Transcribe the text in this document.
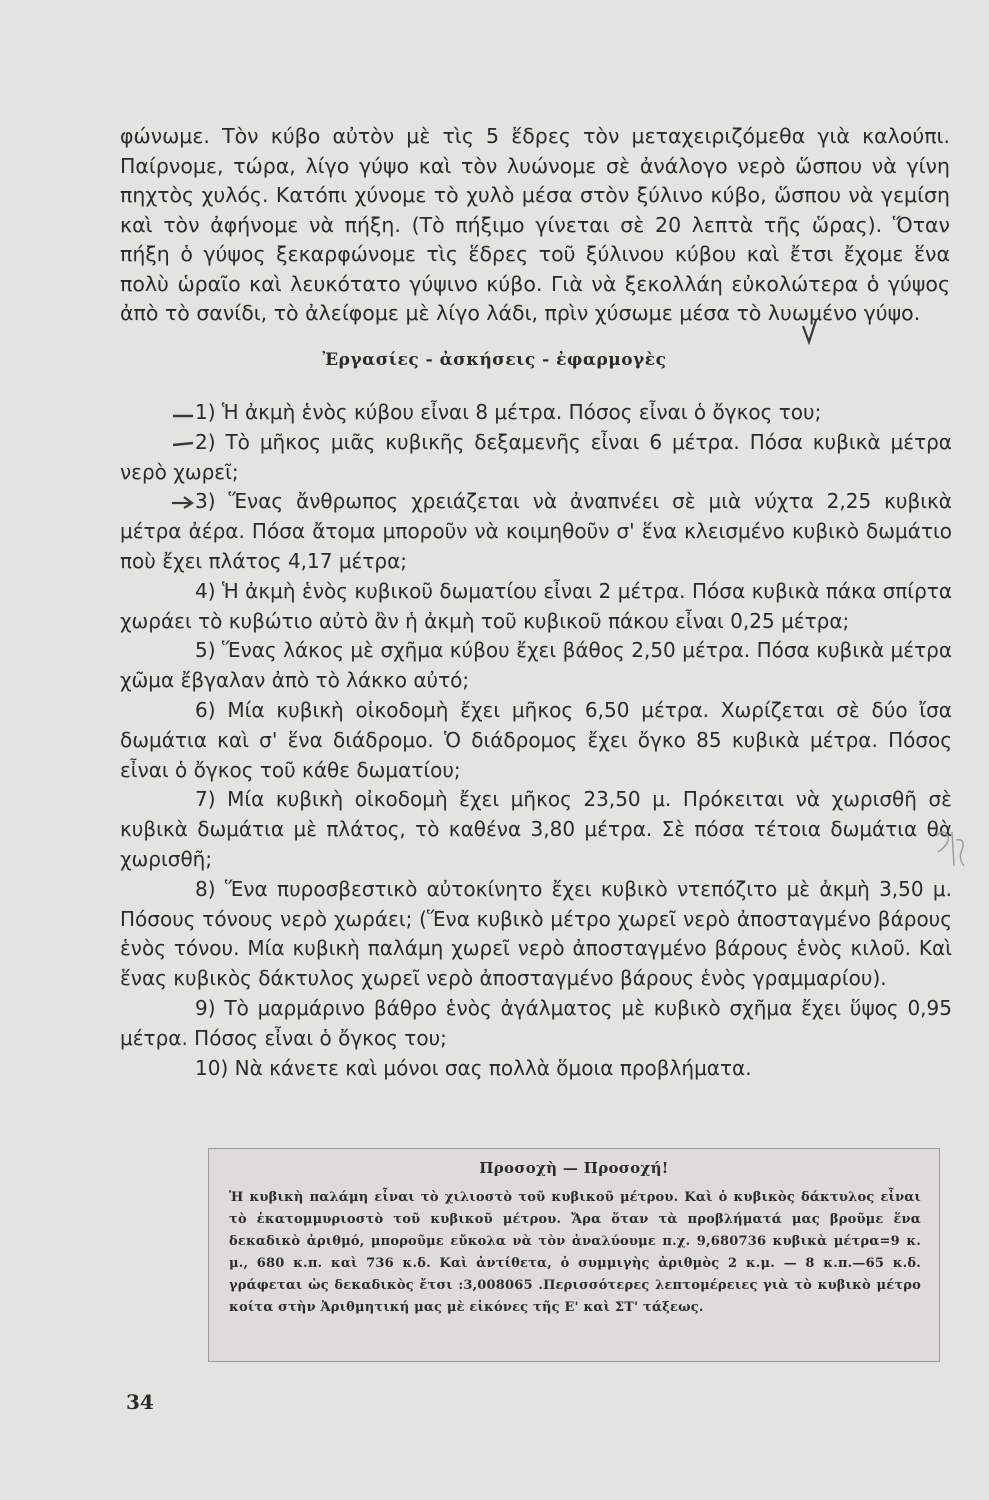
φώνωμε. Τὸν κύβο αὐτὸν μὲ τὶς 5 ἕδρες τὸν μεταχειριζόμεθα γιὰ καλούπι. Παίρνομε, τώρα, λίγο γύψο καὶ τὸν λυώνομε σὲ ἀνάλογο νερὸ ὥσπου νὰ γίνη πηχτὸς χυλός. Κατόπι χύνομε τὸ χυλὸ μέσα στὸν ξύλινο κύβο, ὥσπου νὰ γεμίση καὶ τὸν ἀφήνομε νὰ πήξη. (Τὸ πήξιμο γίνεται σὲ 20 λεπτὰ τῆς ὥρας). Ὅταν πήξη ὁ γύψος ξεκαρφώνομε τὶς ἕδρες τοῦ ξύλινου κύβου καὶ ἔτσι ἔχομε ἕνα πολὺ ὡραῖο καὶ λευκότατο γύψινο κύβο. Γιὰ νὰ ξεκολλάη εὐκολώτερα ὁ γύψος ἀπὸ τὸ σανίδι, τὸ ἀλείφομε μὲ λίγο λάδι, πρὶν χύσωμε μέσα τὸ λυωμένο γύψο.

Ἐργασίες - ἀσκήσεις - ἐφαρμογὲς

1) Ἡ ἀκμὴ ἑνὸς κύβου εἶναι 8 μέτρα. Πόσος εἶναι ὁ ὄγκος του;

2) Τὸ μῆκος μιᾶς κυβικῆς δεξαμενῆς εἶναι 6 μέτρα. Πόσα κυβικὰ μέτρα νερὸ χωρεῖ;

3) Ἕνας ἄνθρωπος χρειάζεται νὰ ἀναπνέει σὲ μιὰ νύχτα 2,25 κυβικὰ μέτρα ἀέρα. Πόσα ἄτομα μποροῦν νὰ κοιμηθοῦν σ' ἕνα κλεισμένο κυβικὸ δωμάτιο ποὺ ἔχει πλάτος 4,17 μέτρα;

4) Ἡ ἀκμὴ ἑνὸς κυβικοῦ δωματίου εἶναι 2 μέτρα. Πόσα κυβικὰ πάκα σπίρτα χωράει τὸ κυβώτιο αὐτὸ ἂν ἡ ἀκμὴ τοῦ κυβικοῦ πάκου εἶναι 0,25 μέτρα;

5) Ἕνας λάκος μὲ σχῆμα κύβου ἔχει βάθος 2,50 μέτρα. Πόσα κυβικὰ μέτρα χῶμα ἔβγαλαν ἀπὸ τὸ λάκκο αὐτό;

6) Μία κυβικὴ οἰκοδομὴ ἔχει μῆκος 6,50 μέτρα. Χωρίζεται σὲ δύο ἴσα δωμάτια καὶ σ' ἕνα διάδρομο. Ὁ διάδρομος ἔχει ὄγκο 85 κυβικὰ μέτρα. Πόσος εἶναι ὁ ὄγκος τοῦ κάθε δωματίου;

7) Μία κυβικὴ οἰκοδομὴ ἔχει μῆκος 23,50 μ. Πρόκειται νὰ χωρισθῆ σὲ κυβικὰ δωμάτια μὲ πλάτος, τὸ καθένα 3,80 μέτρα. Σὲ πόσα τέτοια δωμάτια θὰ χωρισθῆ;

8) Ἕνα πυροσβεστικὸ αὐτοκίνητο ἔχει κυβικὸ ντεπόζιτο μὲ ἀκμὴ 3,50 μ. Πόσους τόνους νερὸ χωράει; (Ἕνα κυβικὸ μέτρο χωρεῖ νερὸ ἀποσταγμένο βάρους ἑνὸς τόνου. Μία κυβικὴ παλάμη χωρεῖ νερὸ ἀποσταγμένο βάρους ἑνὸς κιλοῦ. Καὶ ἕνας κυβικὸς δάκτυλος χωρεῖ νερὸ ἀποσταγμένο βάρους ἑνὸς γραμμαρίου).

9) Τὸ μαρμάρινο βάθρο ἑνὸς ἀγάλματος μὲ κυβικὸ σχῆμα ἔχει ὕψος 0,95 μέτρα. Πόσος εἶναι ὁ ὄγκος του;

10) Νὰ κάνετε καὶ μόνοι σας πολλὰ ὅμοια προβλήματα.

Προσοχὴ — Προσοχή!
Ἡ κυβικὴ παλάμη εἶναι τὸ χιλιοστὸ τοῦ κυβικοῦ μέτρου. Καὶ ὁ κυβικὸς δάκτυλος εἶναι τὸ ἑκατομμυριοστὸ τοῦ κυβικοῦ μέτρου. Ἄρα ὅταν τὰ προβλήματά μας βροῦμε ἕνα δεκαδικὸ ἀριθμό, μποροῦμε εὔκολα νὰ τὸν ἀναλύουμε π.χ. 9,680736 κυβικὰ μέτρα=9 κ. μ., 680 κ.π. καὶ 736 κ.δ. Καὶ ἀντίθετα, ὁ συμμιγὴς ἀριθμὸς 2 κ.μ. — 8 κ.π.—65 κ.δ. γράφεται ὡς δεκαδικὸς ἔτσι :3,008065 .Περισσότερες λεπτομέρειες γιὰ τὸ κυβικὸ μέτρο κοίτα στὴν Ἀριθμητική μας μὲ εἰκόνες τῆς Ε' καὶ ΣΤ' τάξεως.
34
